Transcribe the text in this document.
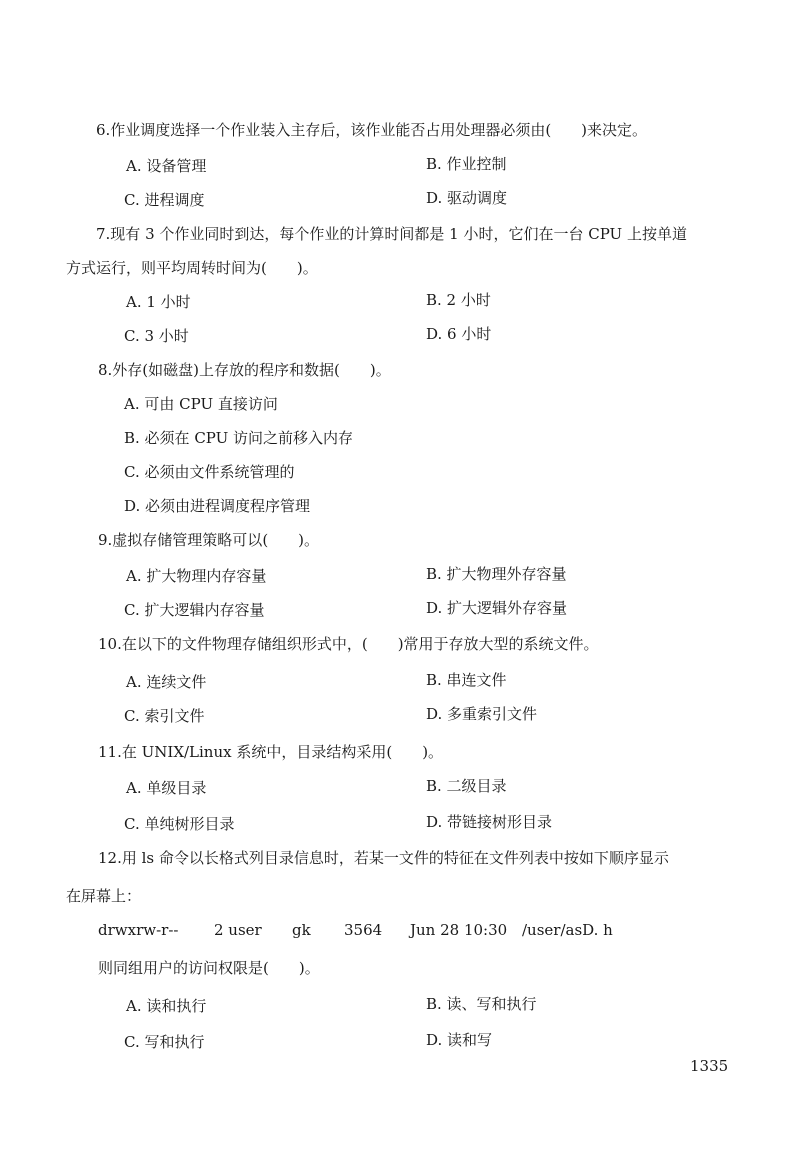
6.作业调度选择一个作业装入主存后，该作业能否占用处理器必须由(　　)来决定。
A. 设备管理	B. 作业控制
C. 进程调度	D. 驱动调度
7.现有 3 个作业同时到达，每个作业的计算时间都是 1 小时，它们在一台 CPU 上按单道
方式运行，则平均周转时间为(　　)。
A. 1 小时	B. 2 小时
C. 3 小时	D. 6 小时
8.外存(如磁盘)上存放的程序和数据(　　)。
A. 可由 CPU 直接访问
B. 必须在 CPU 访问之前移入内存
C. 必须由文件系统管理的
D. 必须由进程调度程序管理
9.虚拟存储管理策略可以(　　)。
A. 扩大物理内存容量	B. 扩大物理外存容量
C. 扩大逻辑内存容量	D. 扩大逻辑外存容量
10.在以下的文件物理存储组织形式中，(　　)常用于存放大型的系统文件。
A. 连续文件	B. 串连文件
C. 索引文件	D. 多重索引文件
11.在 UNIX/Linux 系统中，目录结构采用(　　)。
A. 单级目录	B. 二级目录
C. 单纯树形目录	D. 带链接树形目录
12.用 ls 命令以长格式列目录信息时，若某一文件的特征在文件列表中按如下顺序显示
在屏幕上：
drwxrw-r-- 2 user gk 3564 Jun 28 10:30 /user/asD. h
则同组用户的访问权限是(　　)。
A. 读和执行	B. 读、写和执行
C. 写和执行	D. 读和写
1335
